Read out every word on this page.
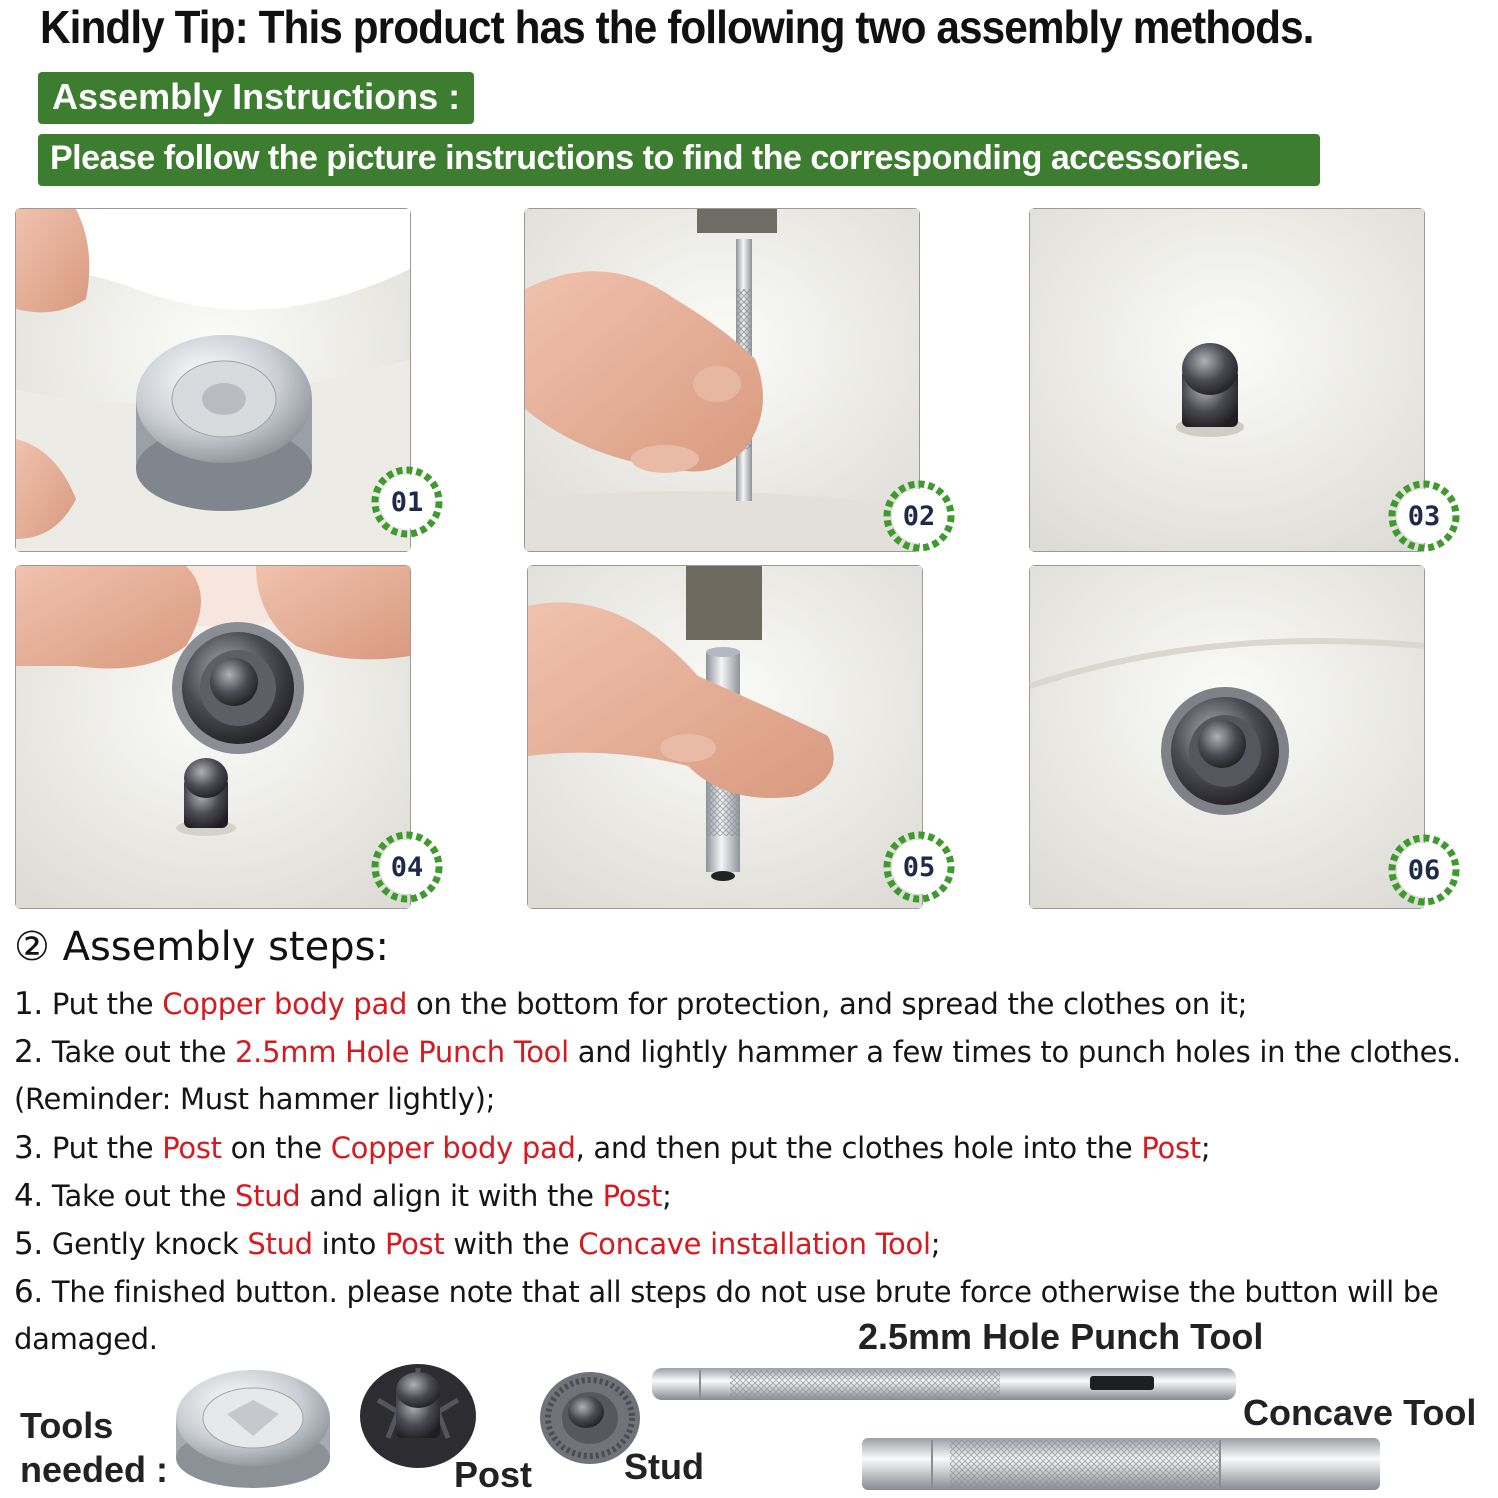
Kindly Tip: This product has the following two assembly methods.
Assembly Instructions :
Please follow the picture instructions to find the corresponding accessories.
01	02	03
04	05	06
② Assembly steps:
1. Put the Copper body pad on the bottom for protection, and spread the clothes on it;
2. Take out the 2.5mm Hole Punch Tool and lightly hammer a few times to punch holes in the clothes.
(Reminder: Must hammer lightly);
3. Put the Post on the Copper body pad, and then put the clothes hole into the Post;
4. Take out the Stud and align it with the Post;
5. Gently knock Stud into Post with the Concave installation Tool;
6. The finished button. please note that all steps do not use brute force otherwise the button will be
damaged.
Tools needed :	Post	Stud
2.5mm Hole Punch Tool
Concave Tool
